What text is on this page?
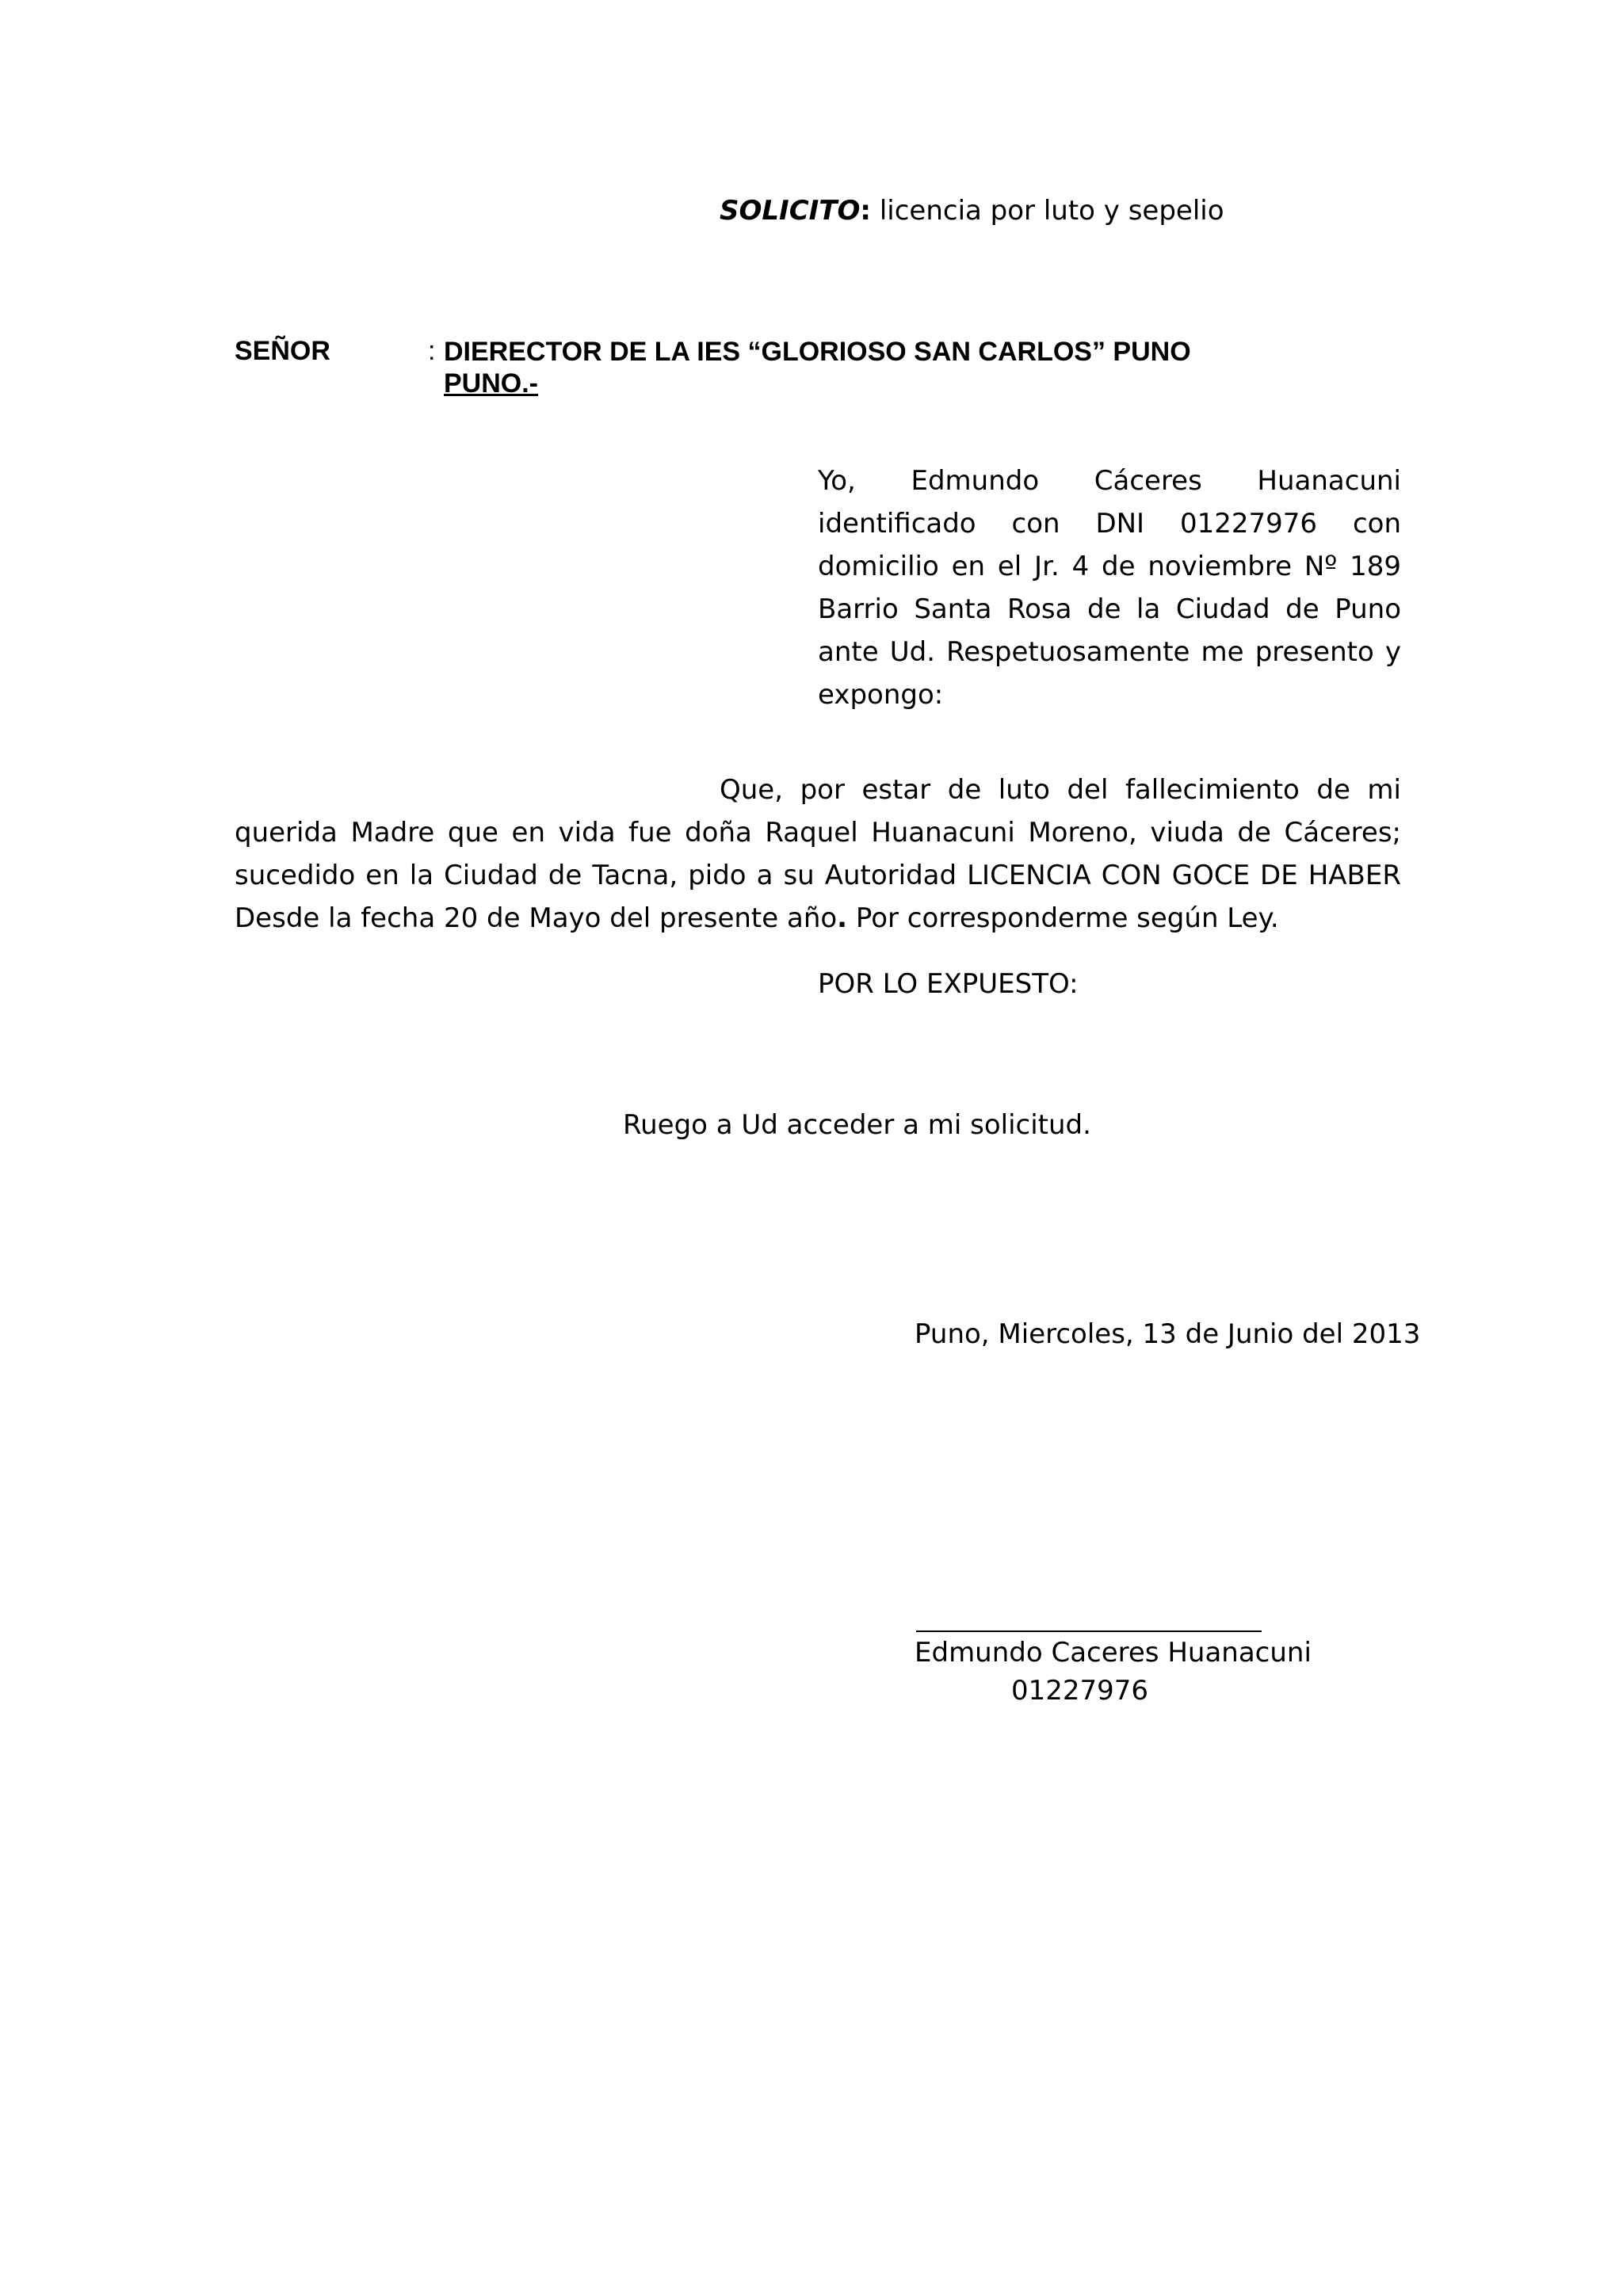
SOLICITO: licencia por luto y sepelio
SEÑOR	: DIERECTOR DE LA IES “GLORIOSO SAN CARLOS” PUNO
PUNO.-
Yo, Edmundo Cáceres Huanacuni identificado con DNI 01227976 con domicilio en el Jr. 4 de noviembre Nº 189 Barrio Santa Rosa de la Ciudad de Puno ante Ud. Respetuosamente me presento y expongo:
Que, por estar de luto del fallecimiento de mi querida Madre que en vida fue doña Raquel Huanacuni Moreno, viuda de Cáceres; sucedido en la Ciudad de Tacna, pido a su Autoridad LICENCIA CON GOCE DE HABER Desde la fecha 20 de Mayo del presente año. Por corresponderme según Ley.
POR LO EXPUESTO:
Ruego a Ud acceder a mi solicitud.
Puno, Miercoles, 13 de Junio del 2013
Edmundo Caceres Huanacuni
01227976
